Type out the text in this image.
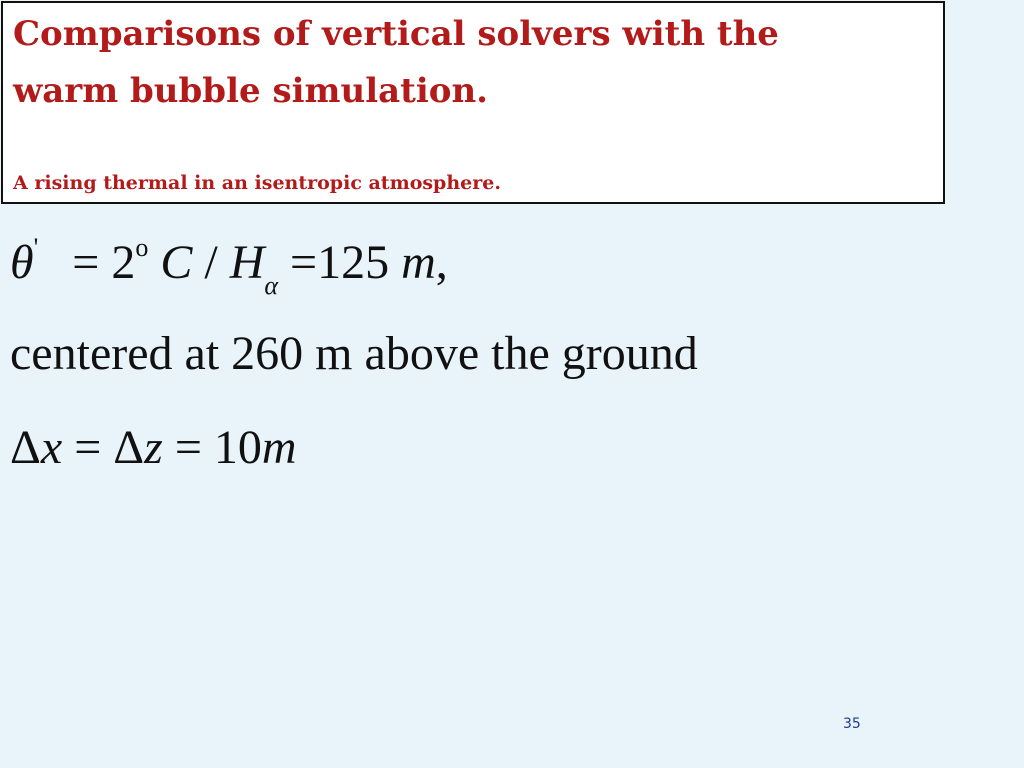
Comparisons of vertical solvers with the

warm bubble simulation.

A rising thermal in an isentropic atmosphere.

$\theta' = 2^o$ $C / H_\alpha =125$ m,

centered at 260 m above the ground

Δx = Δz = 10m
35
